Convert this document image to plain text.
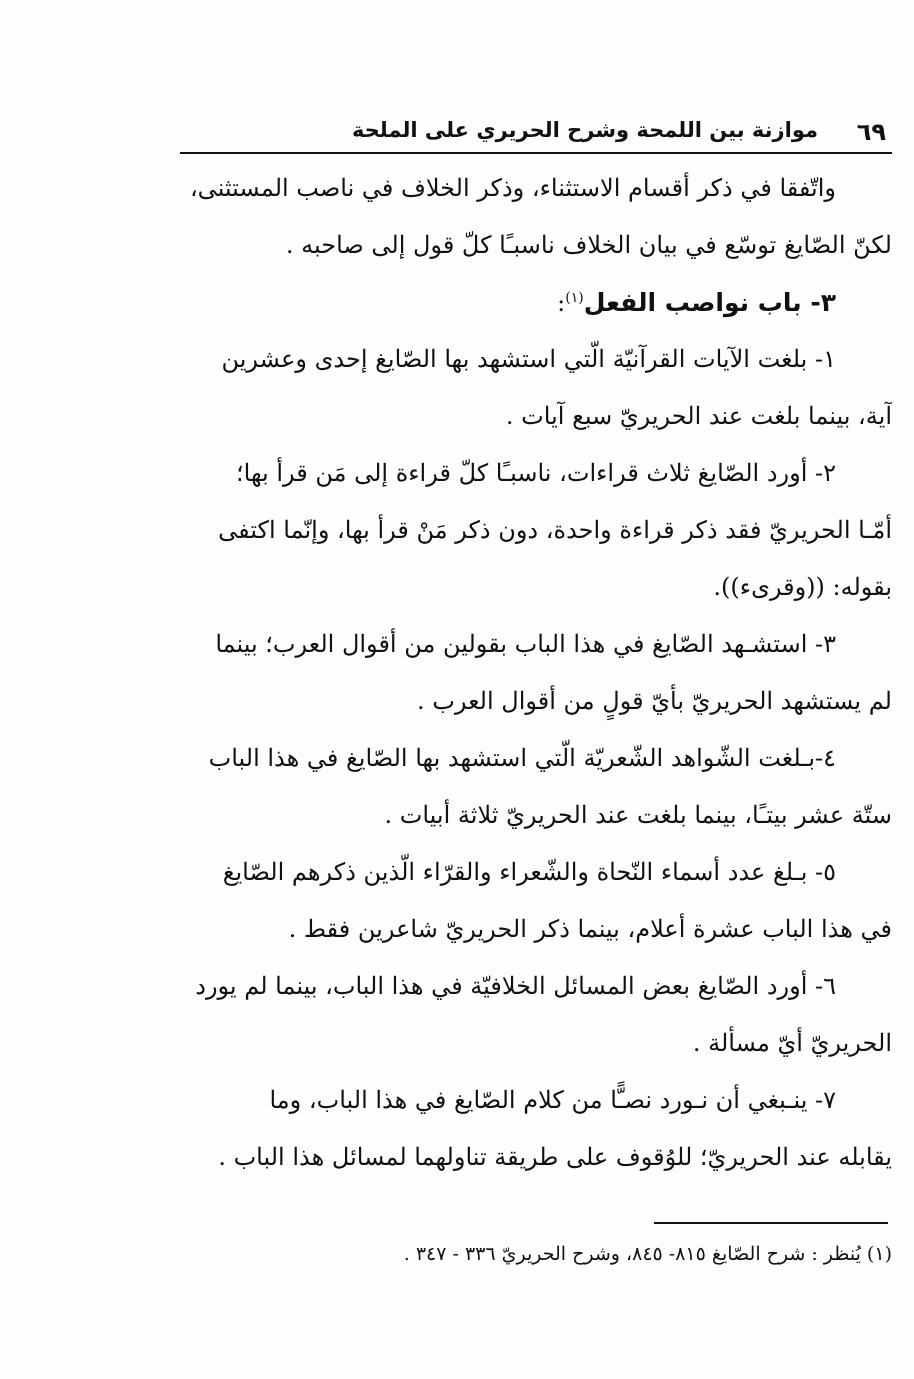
٦٩
موازنة بين اللمحة وشرح الحريري على الملحة
واتّفقا في ذكر أقسام الاستثناء، وذكر الخلاف في ناصب المستثنى،
لكنّ الصّايغ توسّع في بيان الخلاف ناسبـًا كلّ قول إلى صاحبه .
٣- باب نواصب الفعل$^{(١)}$:
١- بلغت الآيات القرآنيّة الّتي استشهد بها الصّايغ إحدى وعشرين
آية، بينما بلغت عند الحريريّ سبع آيات .
٢- أورد الصّايغ ثلاث قراءات، ناسبـًا كلّ قراءة إلى مَن قرأ بها؛
أمّـا الحريريّ فقد ذكر قراءة واحدة، دون ذكر مَنْ قرأ بها، وإنّما اكتفى
بقوله: ((وقرىء)).
٣- استشـهد الصّايغ في هذا الباب بقولين من أقوال العرب؛ بينما
لم يستشهد الحريريّ بأيّ قولٍ من أقوال العرب .
٤-بـلغت الشّواهد الشّعريّة الّتي استشهد بها الصّايغ في هذا الباب
ستّة عشر بيتـًا، بينما بلغت عند الحريريّ ثلاثة أبيات .
٥- بـلغ عدد أسماء النّحاة والشّعراء والقرّاء الّذين ذكرهم الصّايغ
في هذا الباب عشرة أعلام، بينما ذكر الحريريّ شاعرين فقط .
٦- أورد الصّايغ بعض المسائل الخلافيّة في هذا الباب، بينما لم يورد
الحريريّ أيّ مسألة .
٧- ينـبغي أن نـورد نصـًّا من كلام الصّايغ في هذا الباب، وما
يقابله عند الحريريّ؛ للوُقوف على طريقة تناولهما لمسائل هذا الباب .
(١) يُنظر : شرح الصّايغ ٨١٥- ٨٤٥، وشرح الحريريّ ٣٣٦ - ٣٤٧ .
